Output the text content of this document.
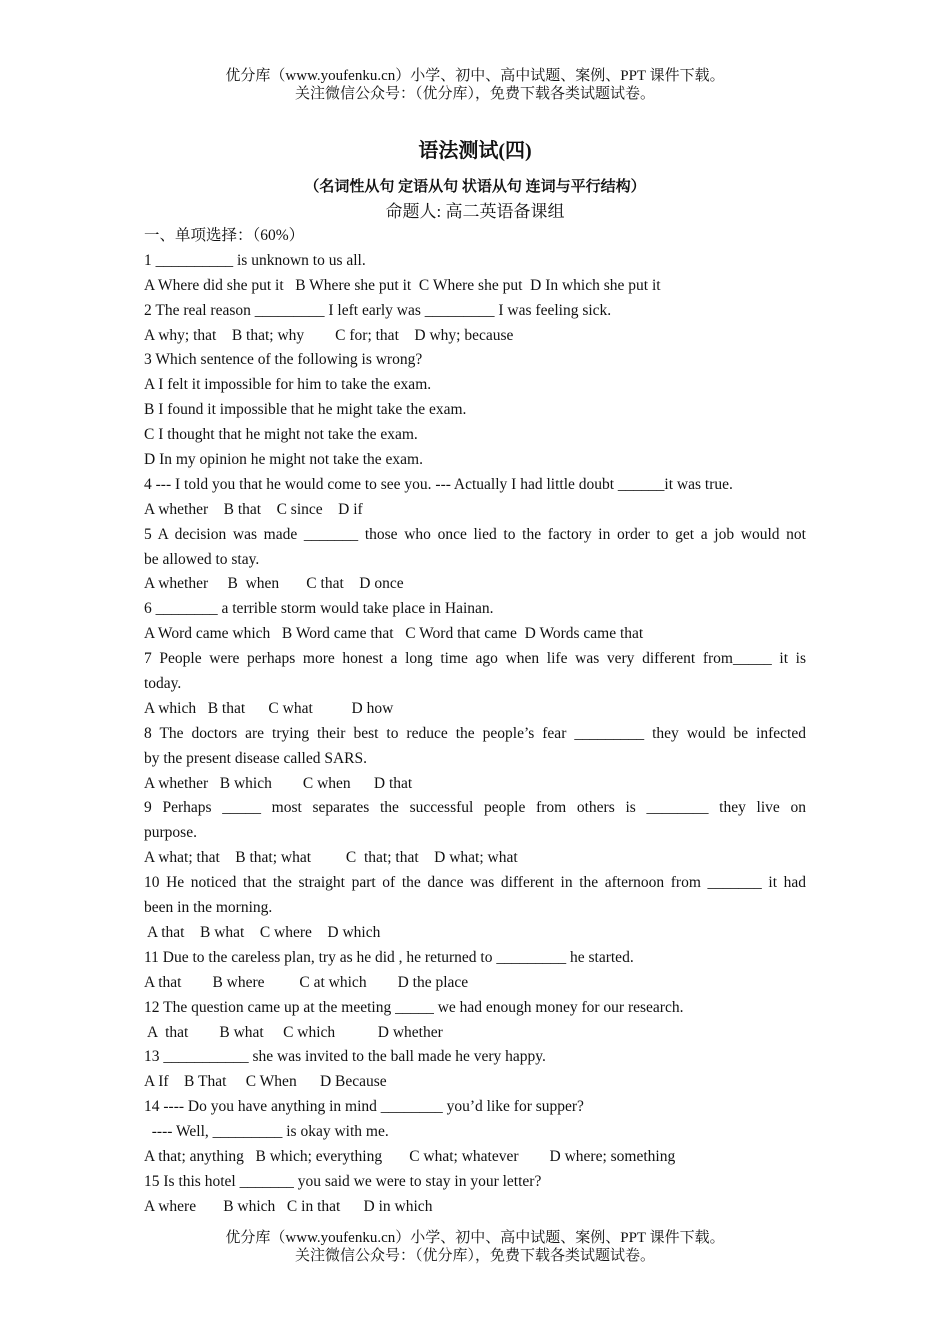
优分库（www.youfenku.cn）小学、初中、高中试题、案例、PPT 课件下载。
关注微信公众号：（优分库），免费下载各类试题试卷。
语法测试(四)
（名词性从句 定语从句 状语从句 连词与平行结构）
命题人: 高二英语备课组
一、单项选择：（60%）
1 __________ is unknown to us all.
A Where did she put it   B Where she put it  C Where she put  D In which she put it
2 The real reason _________ I left early was _________ I was feeling sick.
A why; that    B that; why        C for; that    D why; because
3 Which sentence of the following is wrong?
A I felt it impossible for him to take the exam.
B I found it impossible that he might take the exam.
C I thought that he might not take the exam.
D In my opinion he might not take the exam.
4 --- I told you that he would come to see you. --- Actually I had little doubt ______it was true.
A whether    B that    C since    D if
5 A decision was made _______ those who once lied to the factory in order to get a job would not
be allowed to stay.
A whether     B  when       C that    D once
6 ________ a terrible storm would take place in Hainan.
A Word came which   B Word came that   C Word that came  D Words came that
7 People were perhaps more honest a long time ago when life was very different from_____ it is
today.
A which   B that      C what          D how
8 The doctors are trying their best to reduce the people’s fear _________ they would be infected
by the present disease called SARS.
A whether   B which        C when      D that
9 Perhaps _____ most separates the successful people from others is ________ they live on
purpose.
A what; that    B that; what         C  that; that    D what; what
10 He noticed that the straight part of the dance was different in the afternoon from _______ it had
been in the morning.
A that    B what    C where    D which
11 Due to the careless plan, try as he did , he returned to _________ he started.
A that        B where         C at which        D the place
12 The question came up at the meeting _____ we had enough money for our research.
A  that        B what     C which           D whether
13 ___________ she was invited to the ball made he very happy.
A If    B That     C When      D Because
14 ---- Do you have anything in mind ________ you’d like for supper?
---- Well, _________ is okay with me.
A that; anything   B which; everything       C what; whatever        D where; something
15 Is this hotel _______ you said we were to stay in your letter?
A where       B which   C in that      D in which
优分库（www.youfenku.cn）小学、初中、高中试题、案例、PPT 课件下载。
关注微信公众号：（优分库），免费下载各类试题试卷。
